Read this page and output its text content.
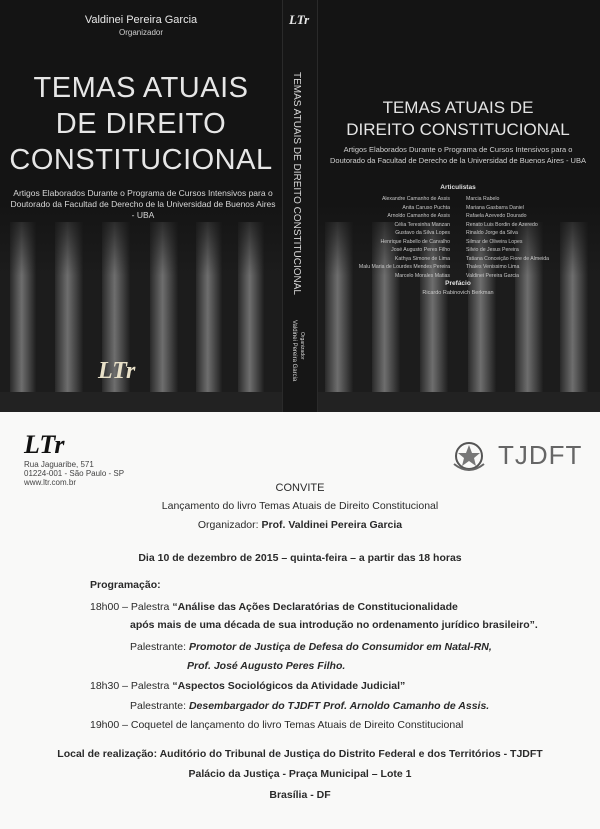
Valdinei Pereira Garcia
Organizador
TEMAS ATUAIS
DE DIREITO
CONSTITUCIONAL
Artigos Elaborados Durante o Programa de Cursos Intensivos para o
Doutorado da Facultad de Derecho de la Universidad de Buenos Aires - UBA
LTr
LTr
TEMAS ATUAIS DE DIREITO CONSTITUCIONAL
Valdinei Pereira Garcia Organizador
TEMAS ATUAIS DE
DIREITO CONSTITUCIONAL
Artigos Elaborados Durante o Programa de Cursos Intensivos para o
Doutorado da Facultad de Derecho de la Universidad de Buenos Aires - UBA
Articulistas
Alexandre Camanho de Assis
Anita Caruso Puchta
Arnoldo Camanho de Assis
Célia Teresinha Manzan
Gustavo da Silva Lopes
Henrique Rabello de Carvalho
José Augusto Peres Filho
Kathya Simone de Lima
Malu Maria de Lourdes Mendes Pereira
Marcelo Morales Matias
Marcia Rabelo
Mariana Gasbarra Daniel
Rafaela Azevedo Dourado
Renato Luis Bordin de Azeredo
Rinaldo Jorge da Silva
Silmar de Oliveira Lopes
Silvio de Jesus Pereira
Tatiana Conceição Fiore de Almeida
Thales Venissimo Lima
Valdinei Pereira Garcia
Prefácio
Ricardo Rabinovich Berkman
LTr
Rua Jaguaribe, 571
01224-001 - São Paulo - SP
www.ltr.com.br
TJDFT
CONVITE
Lançamento do livro Temas Atuais de Direito Constitucional
Organizador: Prof. Valdinei Pereira Garcia
Dia 10 de dezembro de 2015 – quinta-feira – a partir das 18 horas
Programação:
18h00 – Palestra “Análise das Ações Declaratórias de Constitucionalidade
após mais de uma década de sua introdução no ordenamento jurídico brasileiro”.
Palestrante: Promotor de Justiça de Defesa do Consumidor em Natal-RN,
Prof. José Augusto Peres Filho.
18h30 – Palestra “Aspectos Sociológicos da Atividade Judicial”
Palestrante: Desembargador do TJDFT Prof. Arnoldo Camanho de Assis.
19h00 – Coquetel de lançamento do livro Temas Atuais de Direito Constitucional
Local de realização: Auditório do Tribunal de Justiça do Distrito Federal e dos Territórios - TJDFT
Palácio da Justiça - Praça Municipal – Lote 1
Brasília - DF
